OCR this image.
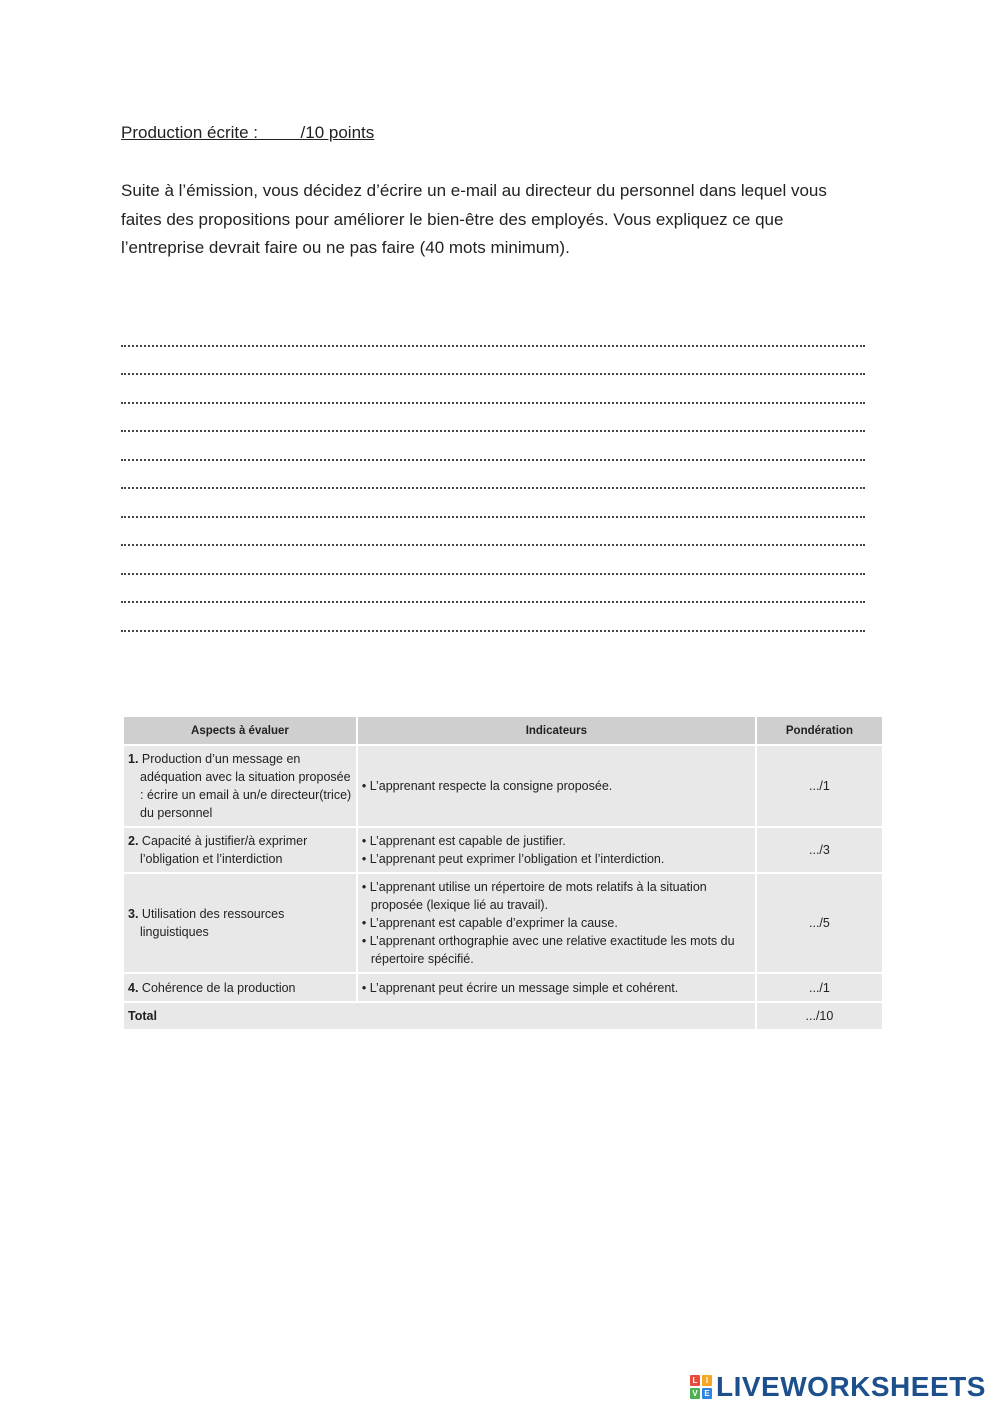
Production écrite :	/10 points
Suite à l’émission, vous décidez d’écrire un e-mail au directeur du personnel dans lequel vous faites des propositions pour améliorer le bien-être des employés. Vous expliquez ce que l’entreprise devrait faire ou ne pas faire (40 mots minimum).
Aspects à évaluer	Indicateurs	Pondération

1. Production d’un message en adéquation avec la situation proposée : écrire un email à un/e directeur(trice) du personnel	• L’apprenant respecte la consigne proposée.	.../1

2. Capacité à justifier/à exprimer l’obligation et l’interdiction	• L’apprenant est capable de justifier.
• L’apprenant peut exprimer l’obligation et l’interdiction.	.../3

3. Utilisation des ressources linguistiques	• L’apprenant utilise un répertoire de mots relatifs à la situation proposée (lexique lié au travail).
• L’apprenant est capable d’exprimer la cause.
• L’apprenant orthographie avec une relative exactitude les mots du répertoire spécifié.	.../5

4. Cohérence de la production	• L’apprenant peut écrire un message simple et cohérent.	.../1
Total		.../10
L	I
V E LIVEWORKSHEETS
